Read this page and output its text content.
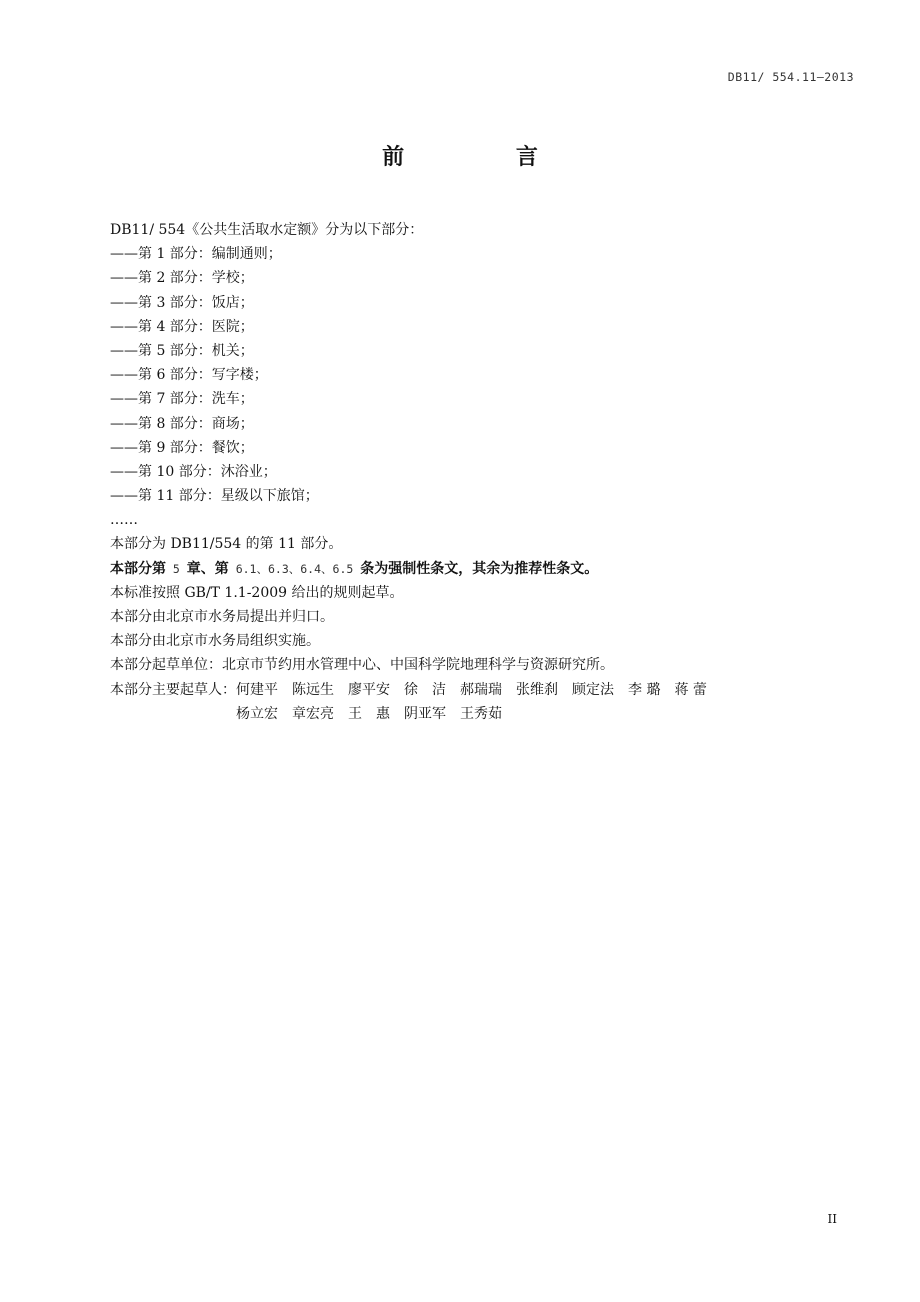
DB11/ 554.11—2013
前 言
DB11/ 554《公共生活取水定额》分为以下部分：
——第 1 部分：编制通则；
——第 2 部分：学校；
——第 3 部分：饭店；
——第 4 部分：医院；
——第 5 部分：机关；
——第 6 部分：写字楼；
——第 7 部分：洗车；
——第 8 部分：商场；
——第 9 部分：餐饮；
——第 10 部分：沐浴业；
——第 11 部分：星级以下旅馆；
……
本部分为 DB11/554 的第 11 部分。
本部分第 5 章、第 6.1、6.3、6.4、6.5 条为强制性条文，其余为推荐性条文。
本标准按照 GB/T 1.1-2009 给出的规则起草。
本部分由北京市水务局提出并归口。
本部分由北京市水务局组织实施。
本部分起草单位：北京市节约用水管理中心、中国科学院地理科学与资源研究所。
本部分主要起草人： 何建平　陈远生　廖平安　徐　洁　郝瑞瑞　张维刹　顾定法　李 璐　蒋 蕾
杨立宏　章宏亮　王　惠　阴亚军　王秀茹
II
